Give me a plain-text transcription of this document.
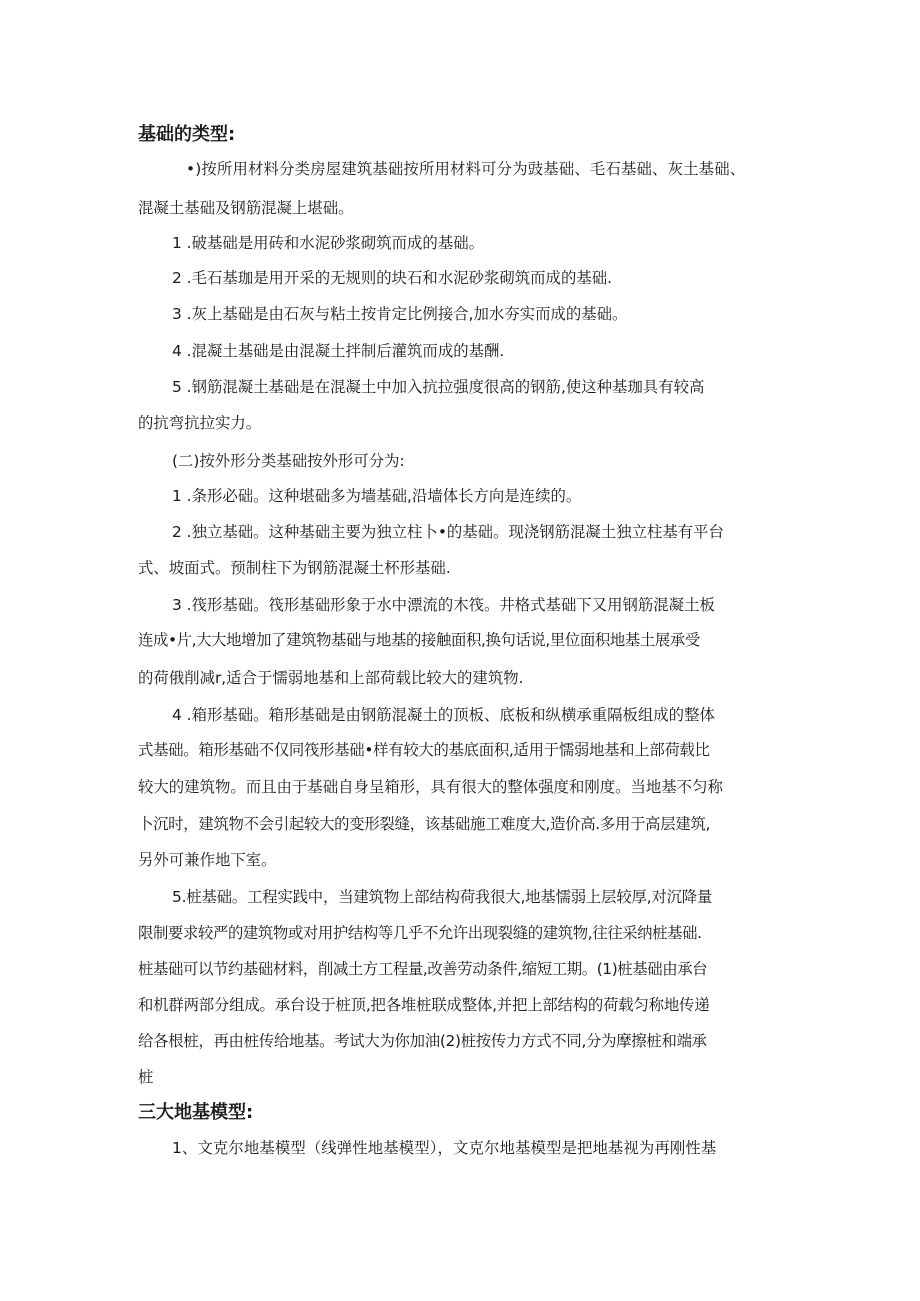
基础的类型:

•)按所用材料分类房屋建筑基础按所用材料可分为豉基础、毛石基础、灰土基础、

混凝土基础及钢筋混凝上堪础。

1 .破基础是用砖和水泥砂浆砌筑而成的基础。

2 .毛石基珈是用开采的无规则的块石和水泥砂浆砌筑而成的基础.

3 .灰上基础是由石灰与粘土按肯定比例接合,加水夯实而成的基础。

4 .混凝土基础是由混凝土拌制后灌筑而成的基酬.

5 .钢筋混凝土基础是在混凝土中加入抗拉强度很高的钢筋,使这种基珈具有较高

的抗弯抗拉实力。

(二)按外形分类基础按外形可分为:

1 .条形必础。这种堪础多为墙基础,沿墙体长方向是连续的。

2 .独立基础。这种基础主要为独立柱卜•的基础。现浇钢筋混凝土独立柱基有平台

式、坡面式。预制柱下为钢筋混凝土杯形基础.

3 .筏形基础。筏形基础形象于水中漂流的木筏。井格式基础下又用钢筋混凝土板

连成•片,大大地增加了建筑物基础与地基的接触面积,换句话说,里位面积地基土展承受

的荷俄削减r,适合于懦弱地基和上部荷载比较大的建筑物.

4 .箱形基础。箱形基础是由钢筋混凝土的顶板、底板和纵横承重隔板组成的整体

式基础。箱形基础不仅同筏形基础•样有较大的基底面积,适用于懦弱地基和上部荷载比

较大的建筑物。而且由于基础自身呈箱形，具有很大的整体强度和刚度。当地基不匀称

卜沉时，建筑物不会引起较大的变形裂缝，该基础施工难度大,造价高.多用于高层建筑,

另外可兼作地下室。

5.桩基础。工程实践中，当建筑物上部结构荷我很大,地基懦弱上层较厚,对沉降量

限制要求较严的建筑物或对用护结构等几乎不允许出现裂缝的建筑物,往往采纳桩基础.

桩基础可以节约基础材料，削减土方工程量,改善劳动条件,缩短工期。(1)桩基础由承台

和机群两部分组成。承台设于桩顶,把各堆桩联成整体,并把上部结构的荷载匀称地传递

给各根桩，再由桩传给地基。考试大为你加油(2)桩按传力方式不同,分为摩擦桩和端承

桩

三大地基模型:

1、文克尔地基模型（线弹性地基模型），文克尔地基模型是把地基视为再刚性基
